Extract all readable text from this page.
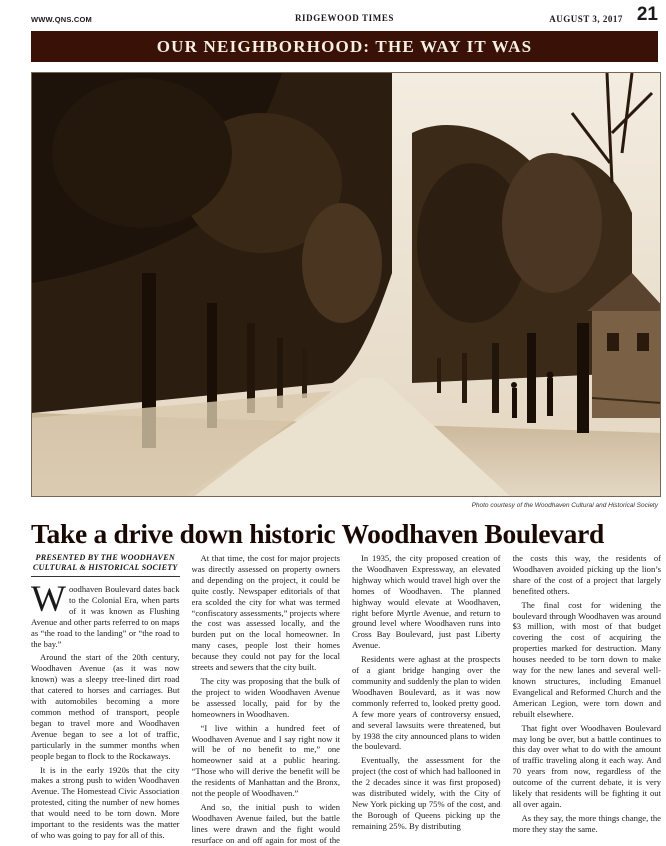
WWW.QNS.COM	RIDGEWOOD TIMES	AUGUST 3, 2017 21
OUR NEIGHBORHOOD: THE WAY IT WAS
Photo courtesy of the Woodhaven Cultural and Historical Society
Take a drive down historic Woodhaven Boulevard
PRESENTED BY THE WOODHAVEN CULTURAL & HISTORICAL SOCIETY

Woodhaven Boulevard dates back to the Colonial Era, when parts of it was known as Flushing Avenue and other parts referred to on maps as “the road to the landing” or “the road to the bay.”

Around the start of the 20th century, Woodhaven Avenue (as it was now known) was a sleepy tree-lined dirt road that catered to horses and carriages. But with automobiles becoming a more common method of transport, people began to travel more and Woodhaven Avenue began to see a lot of traffic, particularly in the summer months when people began to flock to the Rockaways.

It is in the early 1920s that the city makes a strong push to widen Woodhaven Avenue. The Homestead Civic Association protested, citing the number of new homes that would need to be torn down. More important to the residents was the matter of who was going to pay for all of this.

At that time, the cost for major projects was directly assessed on property owners and depending on the project, it could be quite costly. Newspaper editorials of that era scolded the city for what was termed “confiscatory assessments,” projects where the cost was assessed locally, and the burden put on the local homeowner. In many cases, people lost their homes because they could not pay for the local streets and sewers that the city built.

The city was proposing that the bulk of the project to widen Woodhaven Avenue be assessed locally, paid for by the homeowners in Woodhaven.

“I live within a hundred feet of Woodhaven Avenue and I say right now it will be of no benefit to me,” one homeowner said at a public hearing. “Those who will derive the benefit will be the residents of Manhattan and the Bronx, not the people of Woodhaven.”

And so, the initial push to widen Woodhaven Avenue failed, but the battle lines were drawn and the fight would resurface on and off again for most of the

In 1935, the city proposed creation of the Woodhaven Expressway, an elevated highway which would travel high over the homes of Woodhaven. The planned highway would elevate at Woodhaven, right before Myrtle Avenue, and return to ground level where Woodhaven runs into Cross Bay Boulevard, just past Liberty Avenue.

Residents were aghast at the prospects of a giant bridge hanging over the community and suddenly the plan to widen Woodhaven Boulevard, as it was now commonly referred to, looked pretty good. A few more years of controversy ensued, and several lawsuits were threatened, but by 1938 the city announced plans to widen the boulevard.

Eventually, the assessment for the project (the cost of which had ballooned in the 2 decades since it was first proposed) was distributed widely, with the City of New York picking up 75% of the cost, and the Borough of Queens picking up the remaining 25%. By distributing

the costs this way, the residents of Woodhaven avoided picking up the lion’s share of the cost of a project that largely benefited others.

The final cost for widening the boulevard through Woodhaven was around $3 million, with most of that budget covering the cost of acquiring the properties marked for destruction. Many houses needed to be torn down to make way for the new lanes and several well-known structures, including Emanuel Evangelical and Reformed Church and the American Legion, were torn down and rebuilt elsewhere.

That fight over Woodhaven Boulevard may long be over, but a battle continues to this day over what to do with the amount of traffic traveling along it each way. And 70 years from now, regardless of the outcome of the current debate, it is very likely that residents will be fighting it out all over again.

As they say, the more things change, the more they stay the same.
